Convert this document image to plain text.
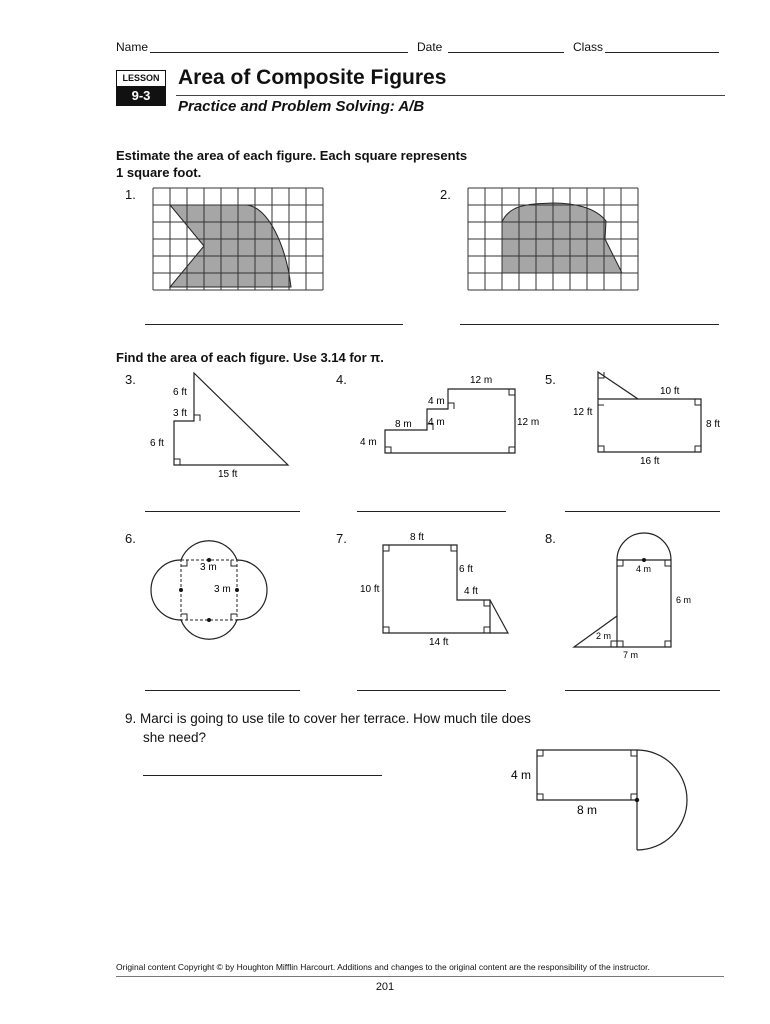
Name	Date	Class
LESSON
9-3
Area of Composite Figures
Practice and Problem Solving: A/B
Estimate the area of each figure. Each square represents
1 square foot.
1.	2.
Find the area of each figure. Use 3.14 for π.
3.	4.	5.
6.	7.	8.
6 ft
3 ft
6 ft
15 ft
12 m
4 m
8 m 4 m	12 m
4 m
10 ft
12 ft
8 ft
16 ft
3 m
3 m
8 ft
6 ft
10 ft	4 ft
14 ft
4 m
6 m
2 m
7 m
9. Marci is going to use tile to cover her terrace. How much tile does
she need?
4 m
8 m
Original content Copyright © by Houghton Mifflin Harcourt. Additions and changes to the original content are the responsibility of the instructor.
201
